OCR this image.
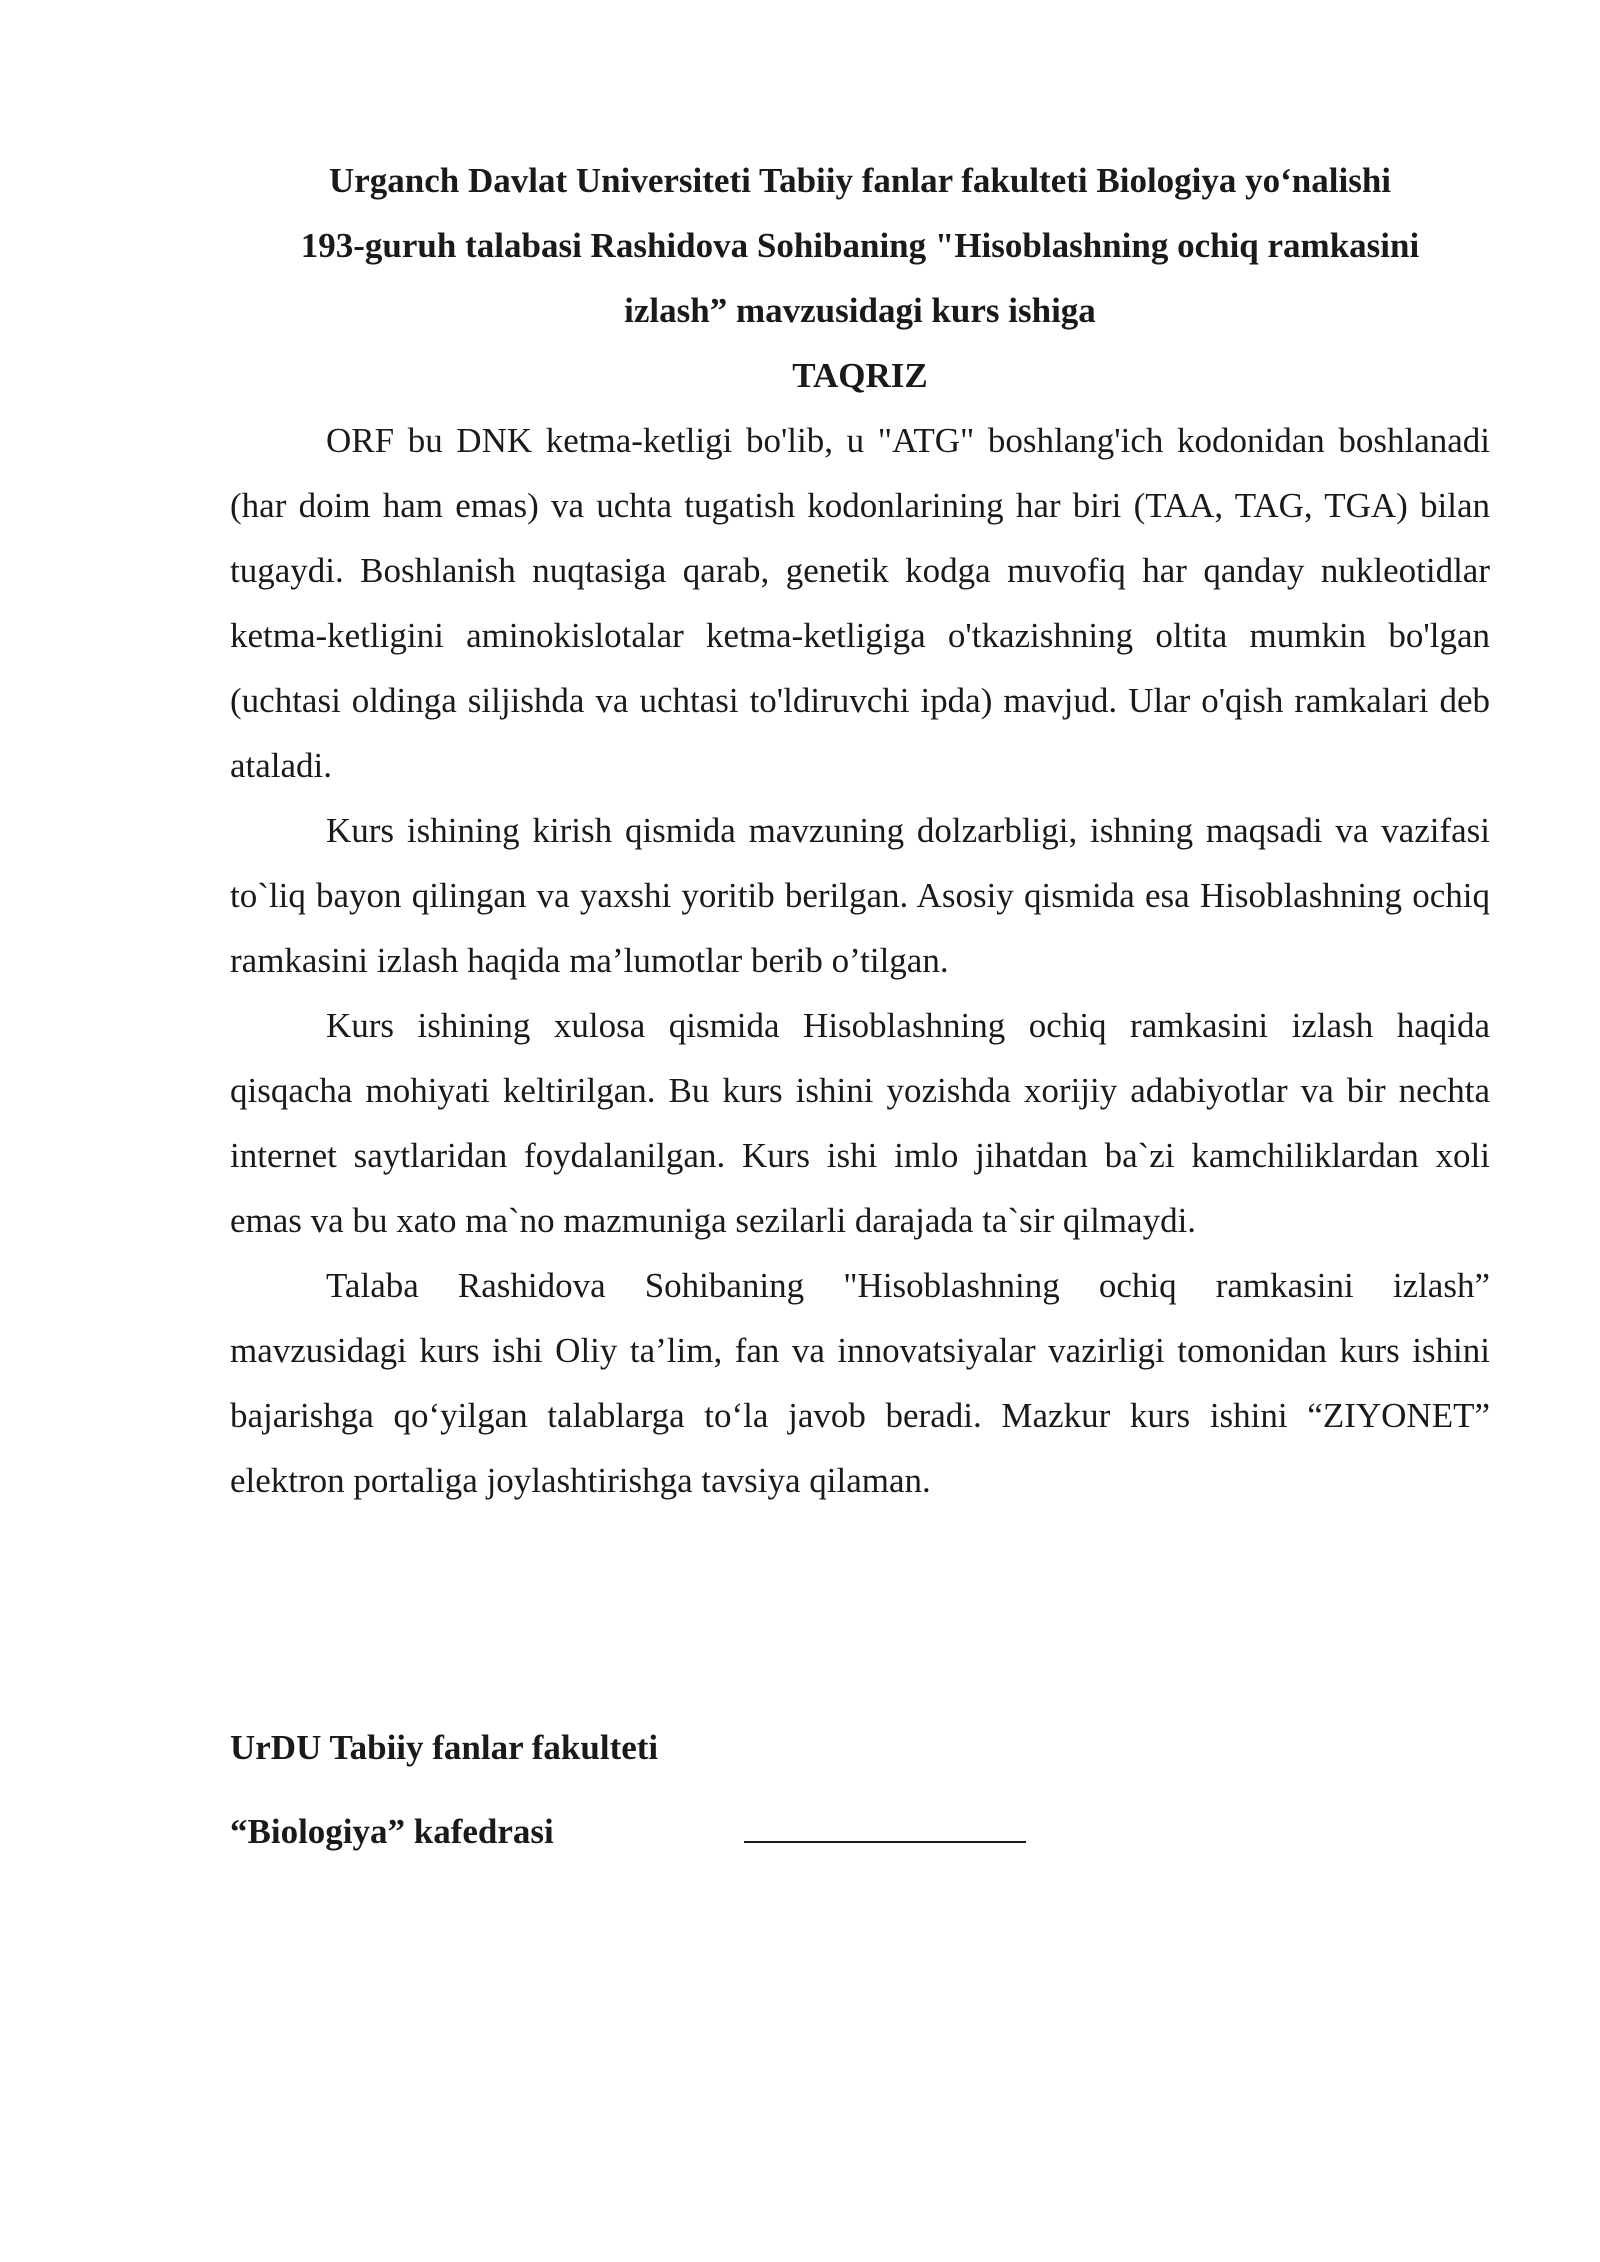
Urganch Davlat Universiteti Tabiiy fanlar fakulteti Biologiya yo‘nalishi
193-guruh talabasi Rashidova Sohibaning "Hisoblashning ochiq ramkasini
izlash” mavzusidagi kurs ishiga
TAQRIZ

ORF bu DNK ketma-ketligi bo'lib, u "ATG" boshlang'ich kodonidan boshlanadi (har doim ham emas) va uchta tugatish kodonlarining har biri (TAA, TAG, TGA) bilan tugaydi. Boshlanish nuqtasiga qarab, genetik kodga muvofiq har qanday nukleotidlar ketma-ketligini aminokislotalar ketma-ketligiga o'tkazishning oltita mumkin bo'lgan (uchtasi oldinga siljishda va uchtasi to'ldiruvchi ipda) mavjud. Ular o'qish ramkalari deb ataladi.

Kurs ishining kirish qismida mavzuning dolzarbligi, ishning maqsadi va vazifasi to`liq bayon qilingan va yaxshi yoritib berilgan. Asosiy qismida esa Hisoblashning ochiq ramkasini izlash haqida ma’lumotlar berib o’tilgan.

Kurs ishining xulosa qismida Hisoblashning ochiq ramkasini izlash haqida qisqacha mohiyati keltirilgan. Bu kurs ishini yozishda xorijiy adabiyotlar va bir nechta internet saytlaridan foydalanilgan. Kurs ishi imlo jihatdan ba`zi kamchiliklardan xoli emas va bu xato ma`no mazmuniga sezilarli darajada ta`sir qilmaydi.

Talaba Rashidova Sohibaning "Hisoblashning ochiq ramkasini izlash” mavzusidagi kurs ishi Oliy ta’lim, fan va innovatsiyalar vazirligi tomonidan kurs ishini bajarishga qo‘yilgan talablarga to‘la javob beradi. Mazkur kurs ishini “ZIYONET” elektron portaliga joylashtirishga tavsiya qilaman.

UrDU Tabiiy fanlar fakulteti
“Biologiya” kafedrasi
